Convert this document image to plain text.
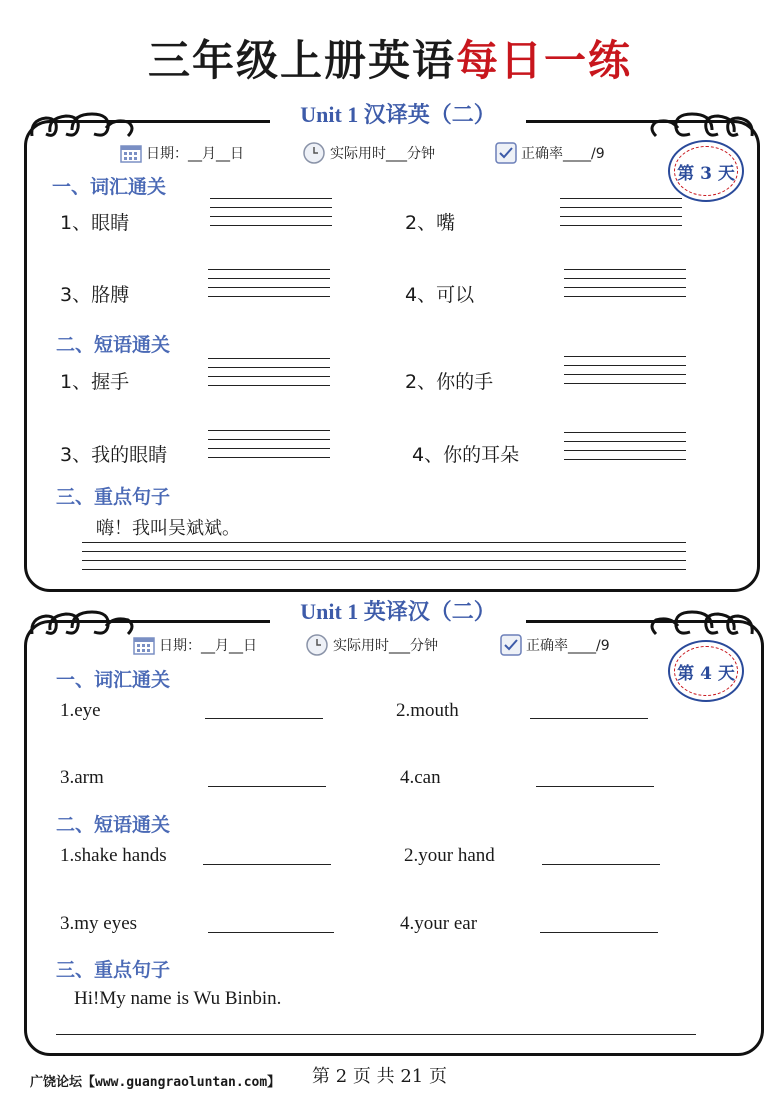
三年级上册英语每日一练
Unit 1 汉译英（二）
日期：__月__日	实际用时___分钟	正确率____/9
第 3 天
一、词汇通关
1、眼睛	2、嘴
3、胳膊	4、可以
二、短语通关
1、握手	2、你的手
3、我的眼睛	4、你的耳朵
三、重点句子
嗨！我叫吴斌斌。
Unit 1 英译汉（二）
日期：__月__日	实际用时___分钟	正确率____/9
第 4 天
一、词汇通关
1.eye	2.mouth
3.arm	4.can
二、短语通关
1.shake hands	2.your hand
3.my eyes	4.your ear
三、重点句子
Hi!My name is Wu Binbin.
广饶论坛【www.guangraoluntan.com】 第 2 页 共 21 页
